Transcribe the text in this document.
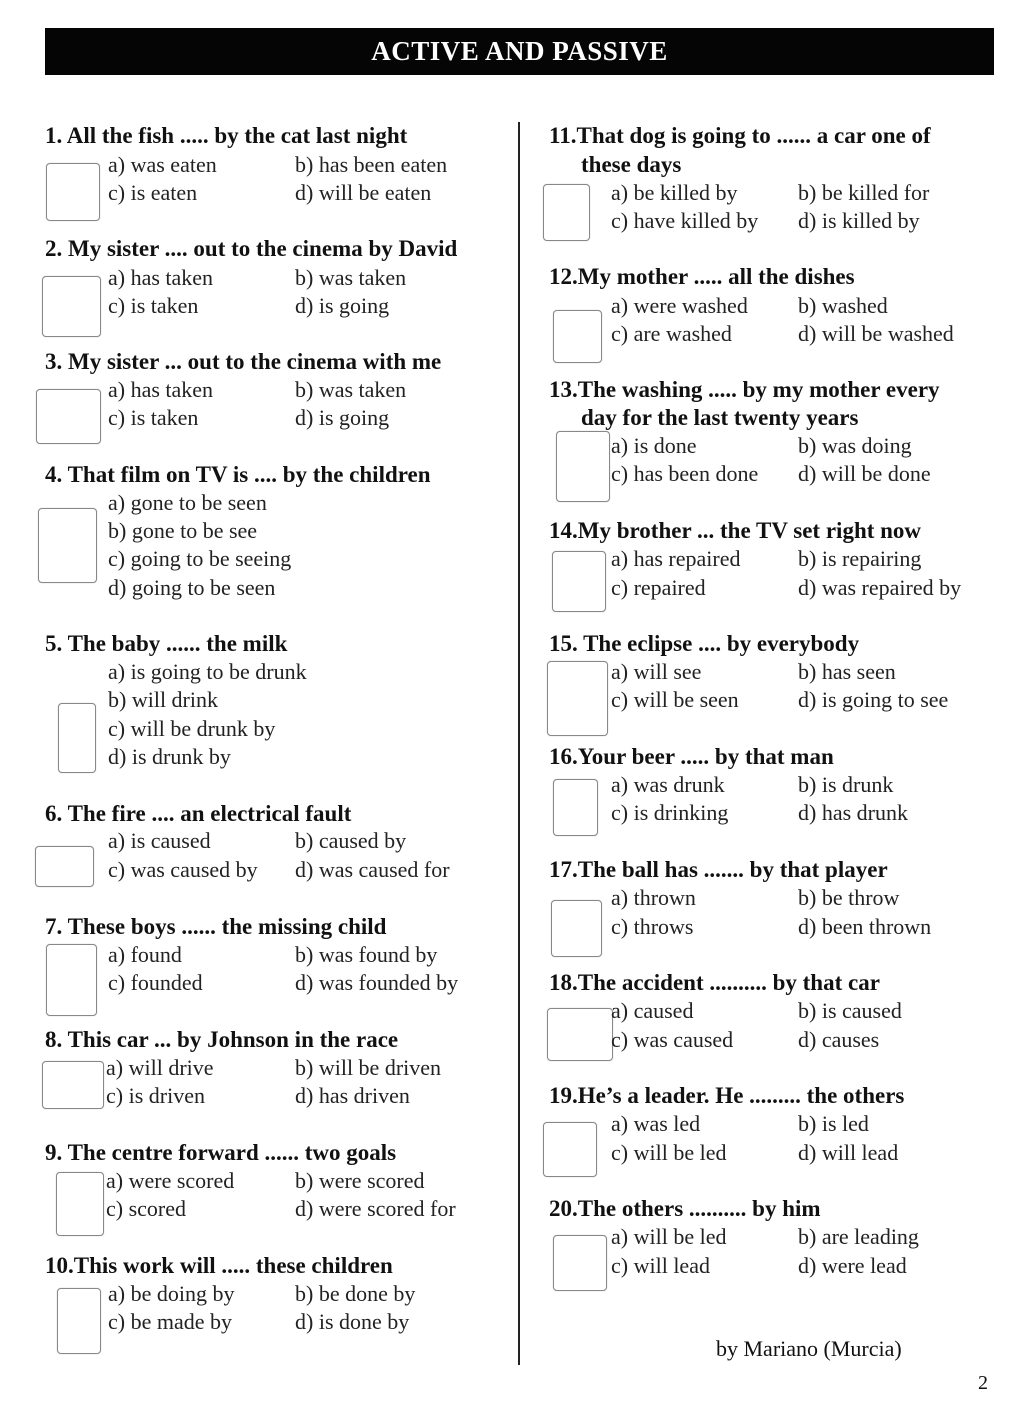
ACTIVE AND PASSIVE
1. All the fish ..... by the cat last night
a) was eaten	b) has been eaten
c) is eaten	d) will be eaten
2. My sister .... out to the cinema by David
a) has taken	b) was taken
c) is taken	d) is going
3. My sister ... out to the cinema with me
a) has taken	b) was taken
c) is taken	d) is going
4. That film on TV is .... by the children
a) gone to be seen
b) gone to be see
c) going to be seeing
d) going to be seen
5. The baby ...... the milk
a) is going to be drunk
b) will drink
c) will be drunk by
d) is drunk by
6. The fire .... an electrical fault
a) is caused	b) caused by
c) was caused by d) was caused for
7. These boys ...... the missing child
a) found	b) was found by
c) founded	d) was founded by
8. This car ... by Johnson in the race
a) will drive	b) will be driven
c) is driven	d) has driven
9. The centre forward ...... two goals
a) were scored	b) were scored
c) scored	d) were scored for
10.This work will ..... these children
a) be doing by	b) be done by
c) be made by	d) is done by
11.That dog is going to ...... a car one of
these days
a) be killed by	b) be killed for
c) have killed by d) is killed by
12.My mother ..... all the dishes
a) were washed b) washed
c) are washed	d) will be washed
13.The washing ..... by my mother every
day for the last twenty years
a) is done	b) was doing
c) has been done d) will be done
14.My brother ... the TV set right now
a) has repaired	b) is repairing
c) repaired	d) was repaired by
15. The eclipse .... by everybody
a) will see	b) has seen
c) will be seen	d) is going to see
16.Your beer ..... by that man
a) was drunk	b) is drunk
c) is drinking	d) has drunk
17.The ball has ....... by that player
a) thrown	b) be throw
c) throws	d) been thrown
18.The accident .......... by that car
a) caused	b) is caused
c) was caused	d) causes
19.He’s a leader. He ......... the others
a) was led	b) is led
c) will be led	d) will lead
20.The others .......... by him
a) will be led	b) are leading
c) will lead	d) were lead
by Mariano (Murcia)
2
